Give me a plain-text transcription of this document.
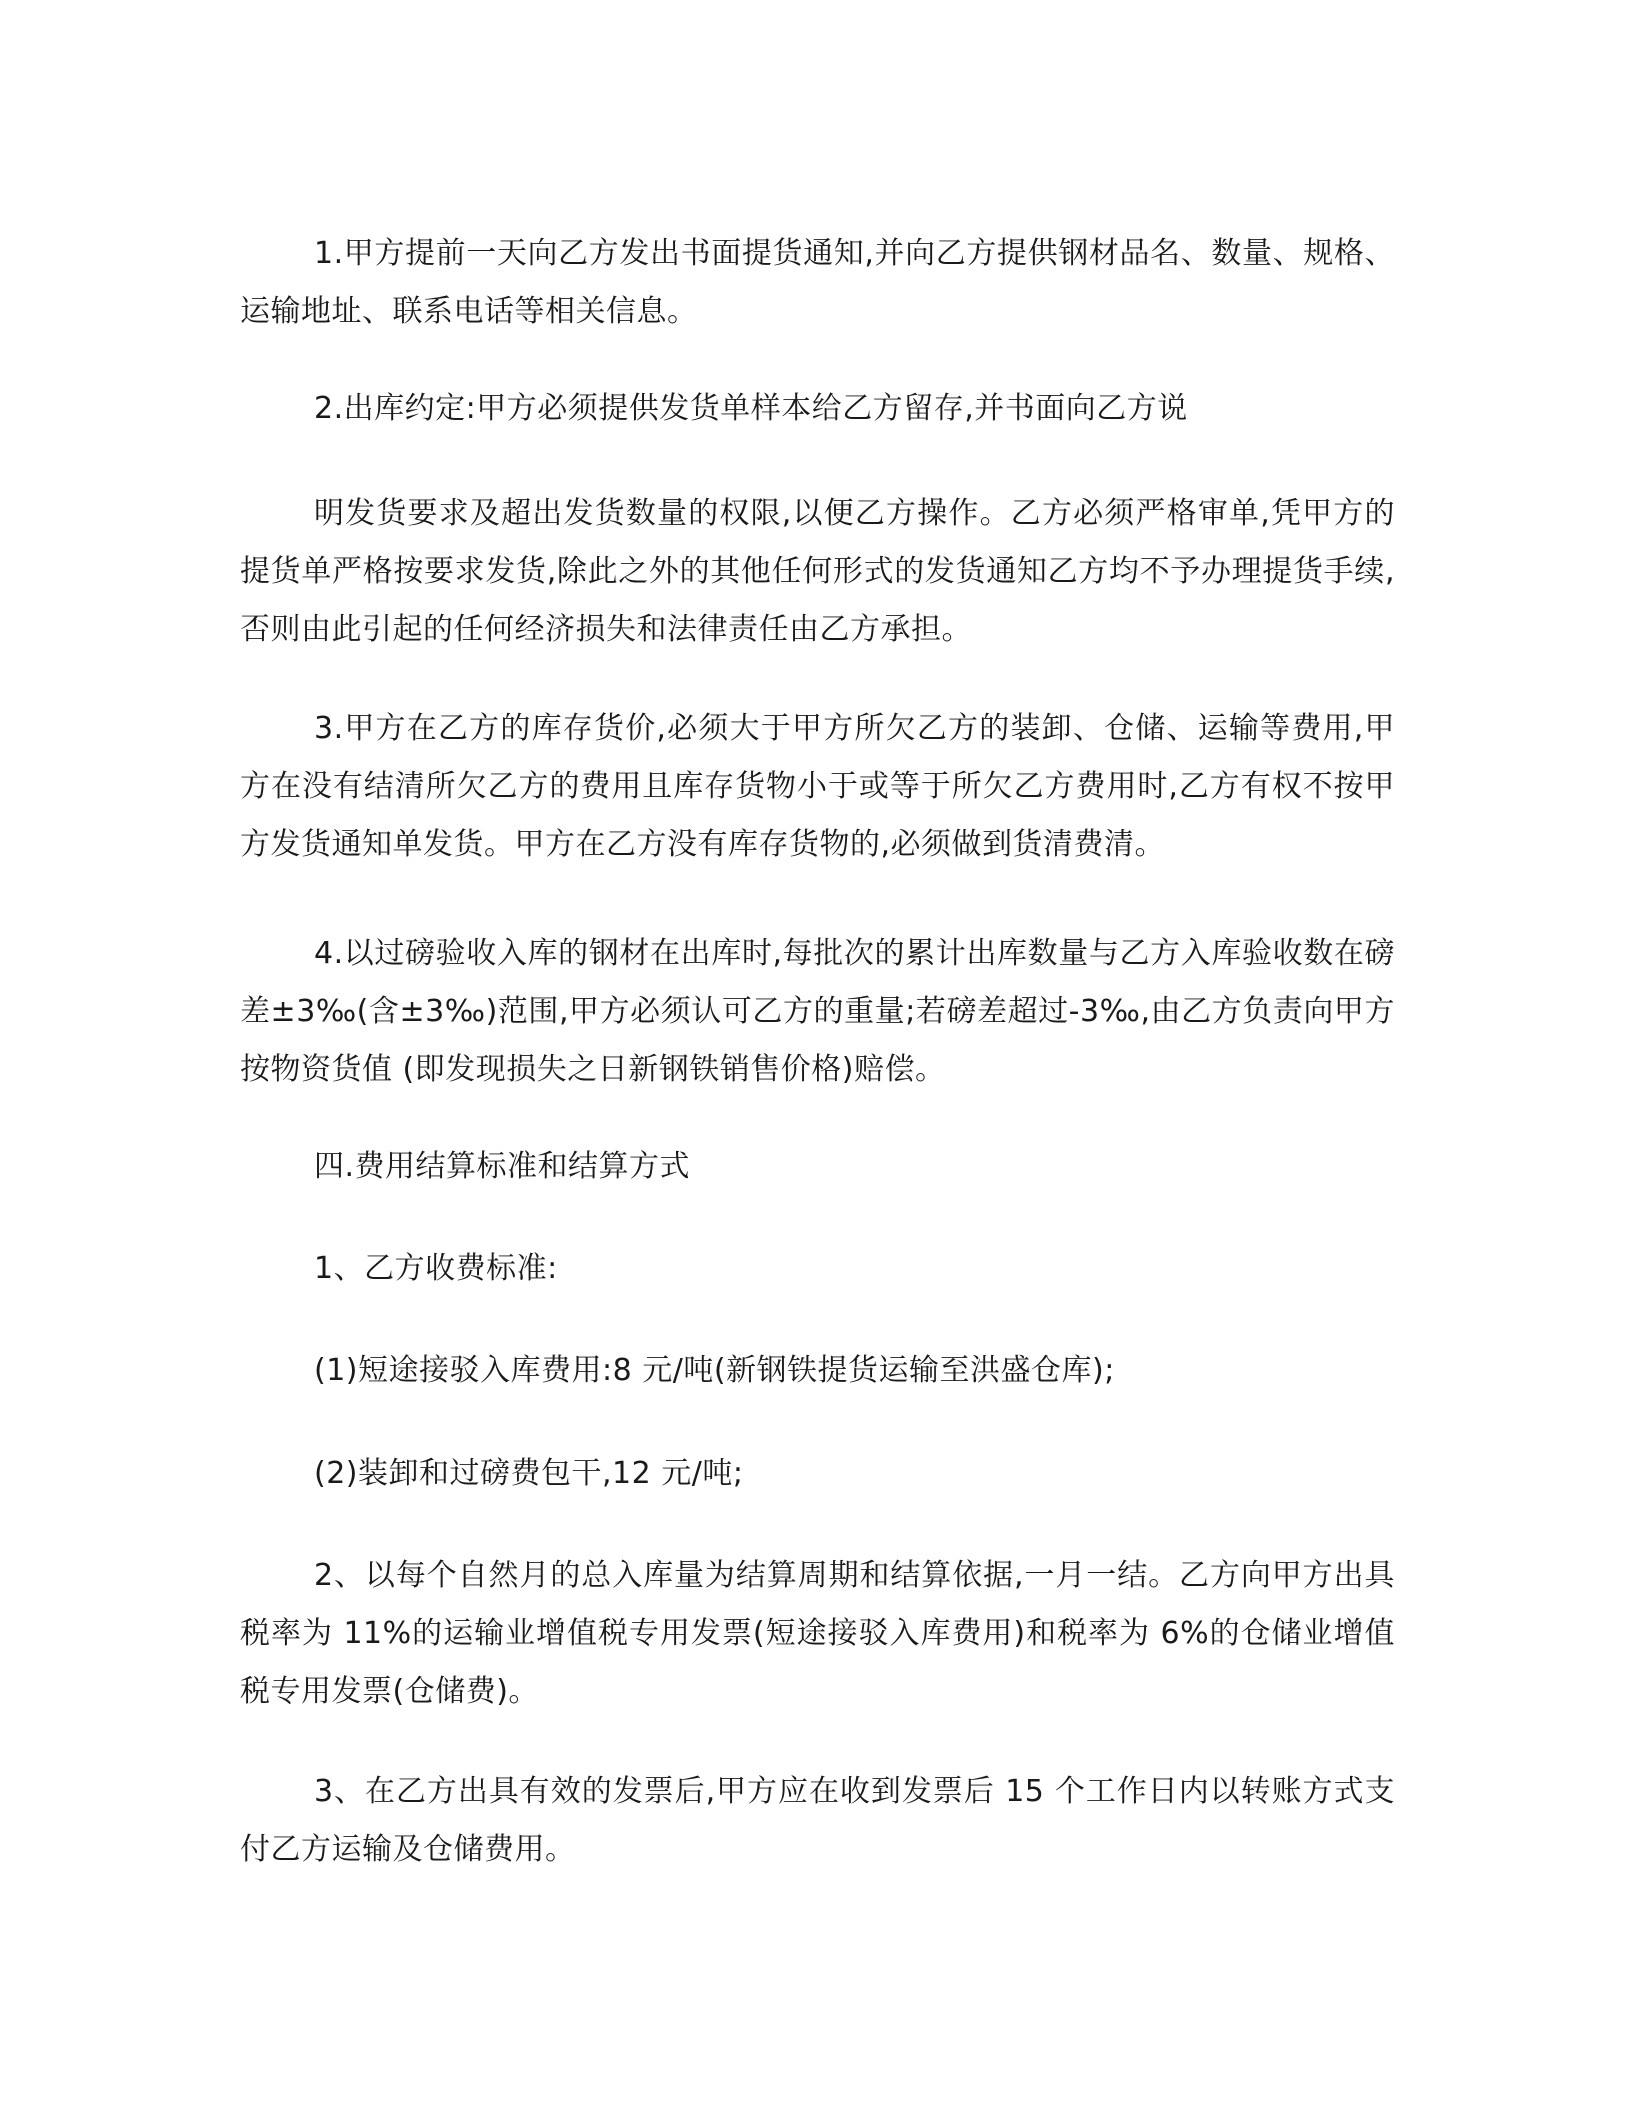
1.甲方提前一天向乙方发出书面提货通知,并向乙方提供钢材品名、数量、规格、运输地址、联系电话等相关信息。

2.出库约定:甲方必须提供发货单样本给乙方留存,并书面向乙方说

明发货要求及超出发货数量的权限,以便乙方操作。乙方必须严格审单,凭甲方的提货单严格按要求发货,除此之外的其他任何形式的发货通知乙方均不予办理提货手续,否则由此引起的任何经济损失和法律责任由乙方承担。

3.甲方在乙方的库存货价,必须大于甲方所欠乙方的装卸、仓储、运输等费用,甲方在没有结清所欠乙方的费用且库存货物小于或等于所欠乙方费用时,乙方有权不按甲方发货通知单发货。甲方在乙方没有库存货物的,必须做到货清费清。

4.以过磅验收入库的钢材在出库时,每批次的累计出库数量与乙方入库验收数在磅差±3‰(含±3‰)范围,甲方必须认可乙方的重量;若磅差超过-3‰,由乙方负责向甲方按物资货值 (即发现损失之日新钢铁销售价格)赔偿。

四.费用结算标准和结算方式

1、乙方收费标准:

(1)短途接驳入库费用:8 元/吨(新钢铁提货运输至洪盛仓库);

(2)装卸和过磅费包干,12 元/吨;

2、以每个自然月的总入库量为结算周期和结算依据,一月一结。乙方向甲方出具税率为 11%的运输业增值税专用发票(短途接驳入库费用)和税率为 6%的仓储业增值税专用发票(仓储费)。

3、在乙方出具有效的发票后,甲方应在收到发票后 15 个工作日内以转账方式支付乙方运输及仓储费用。
